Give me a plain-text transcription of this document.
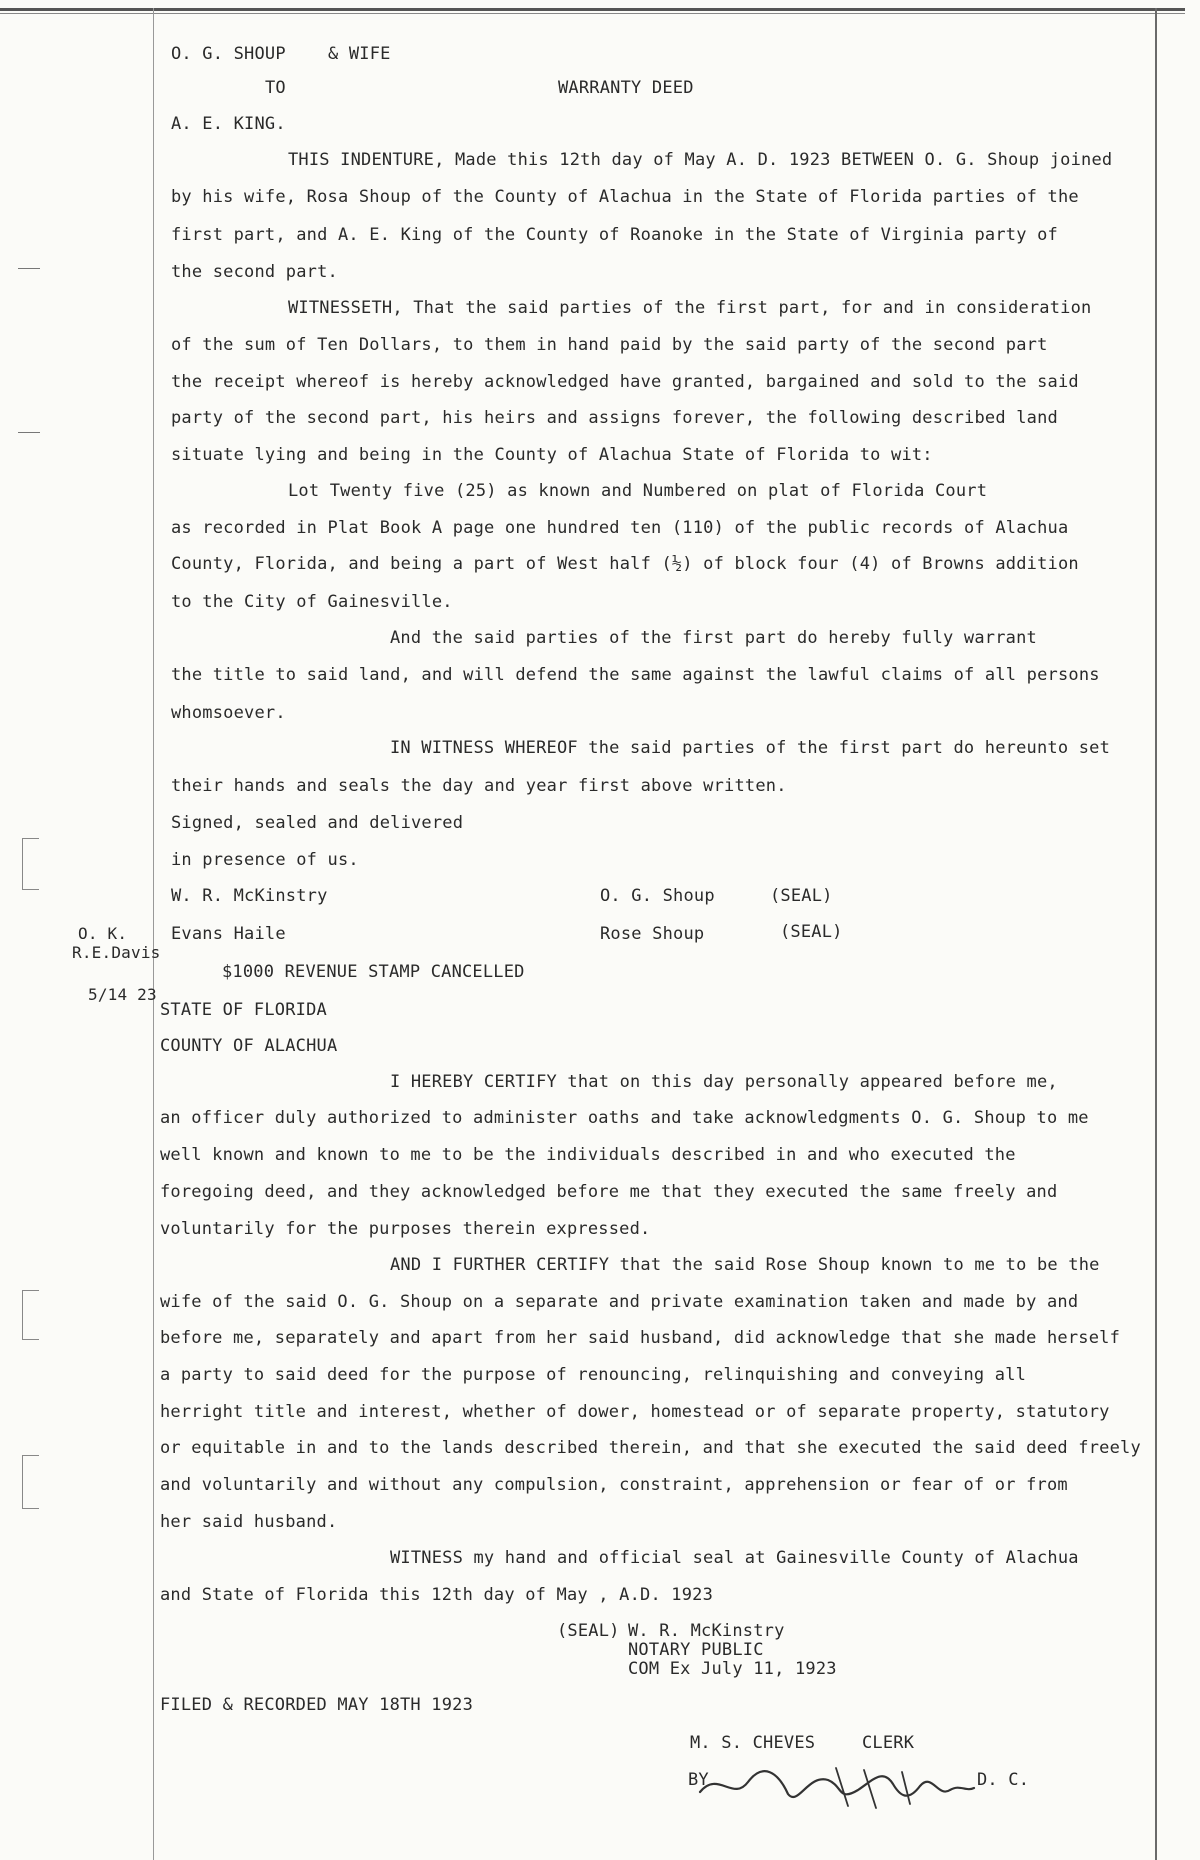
O. G. SHOUP & WIFE
TO	WARRANTY DEED
A. E. KING.
THIS INDENTURE, Made this 12th day of May A. D. 1923 BETWEEN O. G. Shoup joined
by his wife, Rosa Shoup of the County of Alachua in the State of Florida parties of the
first part, and A. E. King of the County of Roanoke in the State of Virginia party of
the second part.
WITNESSETH, That the said parties of the first part, for and in consideration
of the sum of Ten Dollars, to them in hand paid by the said party of the second part
the receipt whereof is hereby acknowledged have granted, bargained and sold to the said
party of the second part, his heirs and assigns forever, the following described land
situate lying and being in the County of Alachua State of Florida to wit:
Lot Twenty five (25) as known and Numbered on plat of Florida Court
as recorded in Plat Book A page one hundred ten (110) of the public records of Alachua
County, Florida, and being a part of West half (½) of block four (4) of Browns addition
to the City of Gainesville.
And the said parties of the first part do hereby fully warrant
the title to said land, and will defend the same against the lawful claims of all persons
whomsoever.
IN WITNESS WHEREOF the said parties of the first part do hereunto set
their hands and seals the day and year first above written.
Signed, sealed and delivered
in presence of us.
W. R. McKinstry	O. G. Shoup	(SEAL)
Evans Haile	Rose Shoup	(SEAL)
O. K.
R.E.Davis
5/14 23
$1000 REVENUE STAMP CANCELLED
STATE OF FLORIDA
COUNTY OF ALACHUA
I HEREBY CERTIFY that on this day personally appeared before me,
an officer duly authorized to administer oaths and take acknowledgments O. G. Shoup to me
well known and known to me to be the individuals described in and who executed the
foregoing deed, and they acknowledged before me that they executed the same freely and
voluntarily for the purposes therein expressed.
AND I FURTHER CERTIFY that the said Rose Shoup known to me to be the
wife of the said O. G. Shoup on a separate and private examination taken and made by and
before me, separately and apart from her said husband, did acknowledge that she made herself
a party to said deed for the purpose of renouncing, relinquishing and conveying all
herright title and interest, whether of dower, homestead or of separate property, statutory
or equitable in and to the lands described therein, and that she executed the said deed freely
and voluntarily and without any compulsion, constraint, apprehension or fear of or from
her said husband.
WITNESS my hand and official seal at Gainesville County of Alachua
and State of Florida this 12th day of May , A.D. 1923
(SEAL) W. R. McKinstry
NOTARY PUBLIC
COM Ex July 11, 1923
FILED & RECORDED MAY 18TH 1923
M. S. CHEVES	CLERK
BY	D. C.
